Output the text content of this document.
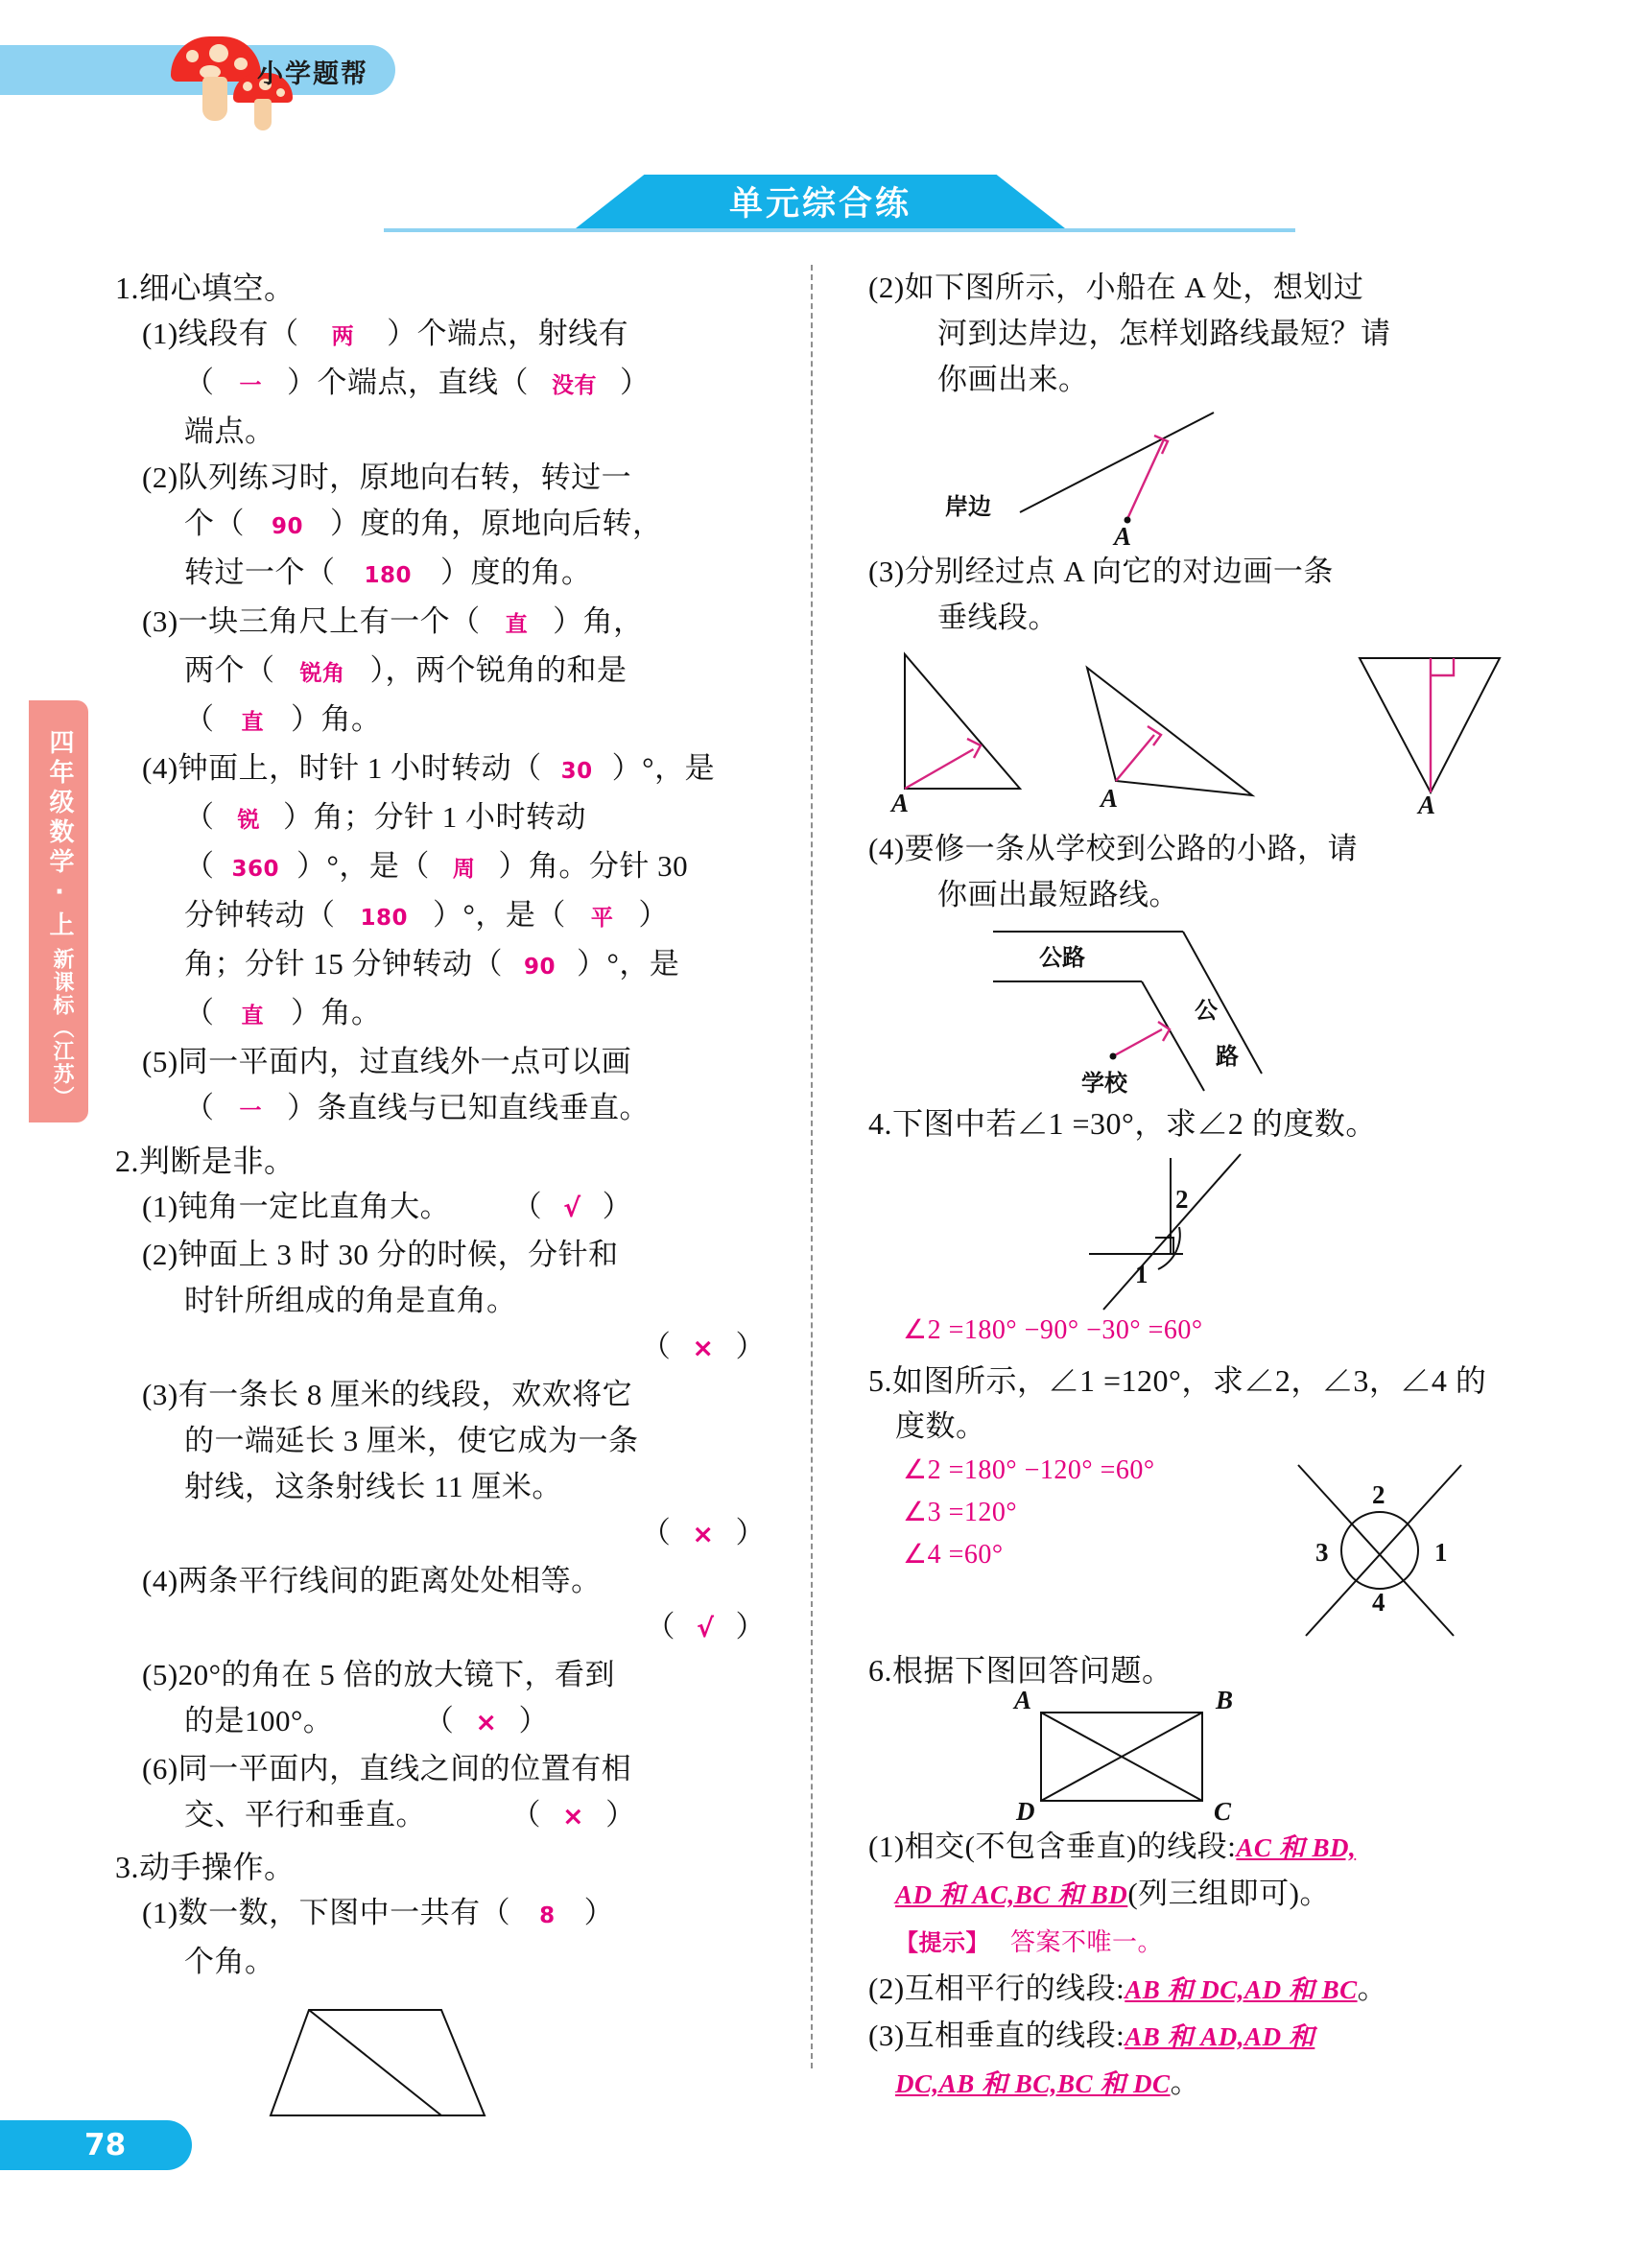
小学题帮
单元综合练
四年级数学·上
新课标（江苏）
78
1.细心填空。
(1)线段有（ 两 ）个端点，射线有
（ 一 ）个端点，直线（ 没有 ）
端点。
(2)队列练习时，原地向右转，转过一
个（ 90 ）度的角，原地向后转，
转过一个（ 180 ）度的角。
(3)一块三角尺上有一个（ 直 ）角，
两个（ 锐角 ），两个锐角的和是
（ 直 ）角。
(4)钟面上，时针 1 小时转动（ 30 ）°，是
（ 锐 ）角；分针 1 小时转动
（ 360 ）°，是（ 周 ）角。分针 30
分钟转动（ 180 ）°，是（ 平 ）
角；分针 15 分钟转动（ 90 ）°，是
（ 直 ）角。
(5)同一平面内，过直线外一点可以画
（ 一 ）条直线与已知直线垂直。
2.判断是非。
(1)钝角一定比直角大。	（ √ ）
(2)钟面上 3 时 30 分的时候，分针和
时针所组成的角是直角。
（ × ）
(3)有一条长 8 厘米的线段，欢欢将它
的一端延长 3 厘米，使它成为一条
射线，这条射线长 11 厘米。
（ × ）
(4)两条平行线间的距离处处相等。
（ √ ）
(5)20°的角在 5 倍的放大镜下，看到
的是100°。	（ × ）
(6)同一平面内，直线之间的位置有相
交、平行和垂直。	（ × ）
3.动手操作。
(1)数一数，下图中一共有（ 8 ）
个角。
(2)如下图所示，小船在 A 处，想划过
河到达岸边，怎样划路线最短？请
你画出来。
A
岸边
(3)分别经过点 A 向它的对边画一条
垂线段。
A	A	A
(4)要修一条从学校到公路的小路，请
你画出最短路线。
公路
公
路
学校
4.下图中若∠1 =30°，求∠2 的度数。
2
1
∠2 =180° −90° −30° =60°
5.如图所示，∠1 =120°，求∠2，∠3，∠4 的
度数。
∠2 =180° −120° =60°
∠3 =120°
∠4 =60°
2
1
3
4
6.根据下图回答问题。
A	B
C
D
(1)相交(不包含垂直)的线段:AC 和 BD,
AD 和 AC,BC 和 BD(列三组即可)。
【提示】 答案不唯一。
(2)互相平行的线段:AB 和 DC,AD 和 BC。
(3)互相垂直的线段:AB 和 AD,AD 和
DC,AB 和 BC,BC 和 DC。
